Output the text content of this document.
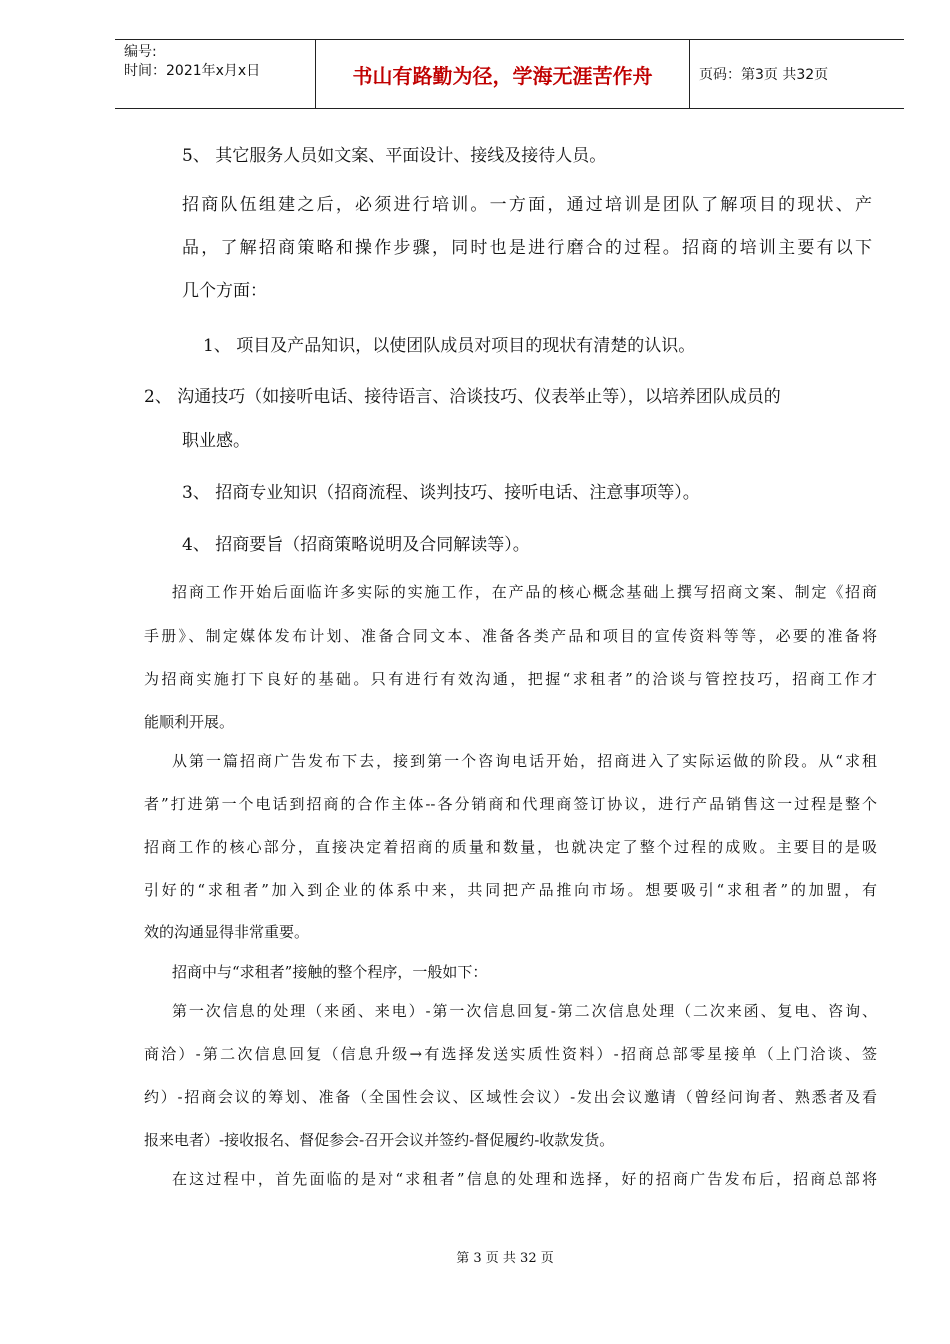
编号:
时间：2021年x月x日	书山有路勤为径，学海无涯苦作舟	页码：第3页 共32页
5、 其它服务人员如文案、平面设计、接线及接待人员。
招商队伍组建之后，必须进行培训。一方面，通过培训是团队了解项目的现状、产
品，了解招商策略和操作步骤，同时也是进行磨合的过程。招商的培训主要有以下
几个方面：
1、 项目及产品知识，以使团队成员对项目的现状有清楚的认识。
2、 沟通技巧（如接听电话、接待语言、洽谈技巧、仪表举止等），以培养团队成员的
职业感。
3、 招商专业知识（招商流程、谈判技巧、接听电话、注意事项等）。
4、 招商要旨（招商策略说明及合同解读等）。
招商工作开始后面临许多实际的实施工作，在产品的核心概念基础上撰写招商文案、制定《招商
手册》、制定媒体发布计划、准备合同文本、准备各类产品和项目的宣传资料等等，必要的准备将
为招商实施打下良好的基础。只有进行有效沟通，把握“求租者”的洽谈与管控技巧，招商工作才
能顺利开展。
从第一篇招商广告发布下去，接到第一个咨询电话开始，招商进入了实际运做的阶段。从“求租
者”打进第一个电话到招商的合作主体--各分销商和代理商签订协议，进行产品销售这一过程是整个
招商工作的核心部分，直接决定着招商的质量和数量，也就决定了整个过程的成败。主要目的是吸
引好的“求租者”加入到企业的体系中来，共同把产品推向市场。想要吸引“求租者”的加盟，有
效的沟通显得非常重要。
招商中与“求租者”接触的整个程序，一般如下：
第一次信息的处理（来函、来电）-第一次信息回复-第二次信息处理（二次来函、复电、咨询、
商洽）-第二次信息回复（信息升级→有选择发送实质性资料）-招商总部零星接单（上门洽谈、签
约）-招商会议的筹划、准备（全国性会议、区域性会议）-发出会议邀请（曾经问询者、熟悉者及看
报来电者）-接收报名、督促参会-召开会议并签约-督促履约-收款发货。
在这过程中，首先面临的是对“求租者”信息的处理和选择，好的招商广告发布后，招商总部将
第 3 页 共 32 页
